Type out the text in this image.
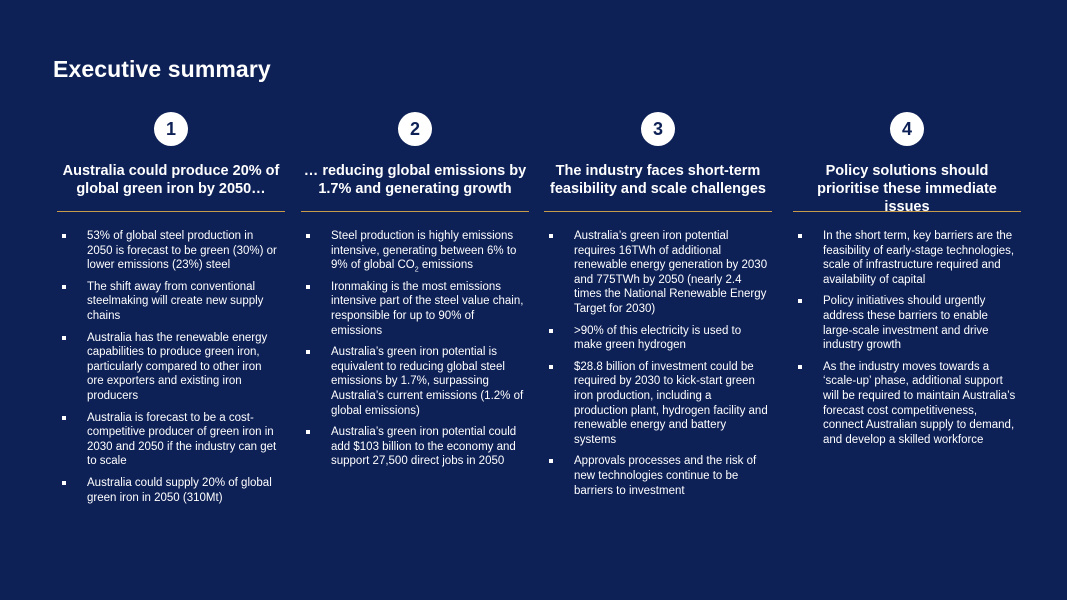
Executive summary
1
Australia could produce 20% of global green iron by 2050…
53% of global steel production in 2050 is forecast to be green (30%) or lower emissions (23%) steel
The shift away from conventional steelmaking will create new supply chains
Australia has the renewable energy capabilities to produce green iron, particularly compared to other iron ore exporters and existing iron producers
Australia is forecast to be a cost-competitive producer of green iron in 2030 and 2050 if the industry can get to scale
Australia could supply 20% of global green iron in 2050 (310Mt)
2
… reducing global emissions by 1.7% and generating growth
Steel production is highly emissions intensive, generating between 6% to 9% of global $CO_2$ emissions
Ironmaking is the most emissions intensive part of the steel value chain, responsible for up to 90% of emissions
Australia’s green iron potential is equivalent to reducing global steel emissions by 1.7%, surpassing Australia’s current emissions (1.2% of global emissions)
Australia’s green iron potential could add $103 billion to the economy and support 27,500 direct jobs in 2050
3
The industry faces short-term feasibility and scale challenges
Australia’s green iron potential requires 16TWh of additional renewable energy generation by 2030 and 775TWh by 2050 (nearly 2.4 times the National Renewable Energy Target for 2030)
>90% of this electricity is used to make green hydrogen
$28.8 billion of investment could be required by 2030 to kick-start green iron production, including a production plant, hydrogen facility and renewable energy and battery systems
Approvals processes and the risk of new technologies continue to be barriers to investment
4
Policy solutions should prioritise these immediate issues
In the short term, key barriers are the feasibility of early-stage technologies, scale of infrastructure required and availability of capital
Policy initiatives should urgently address these barriers to enable large-scale investment and drive industry growth
As the industry moves towards a ‘scale-up’ phase, additional support will be required to maintain Australia’s forecast cost competitiveness, connect Australian supply to demand, and develop a skilled workforce
